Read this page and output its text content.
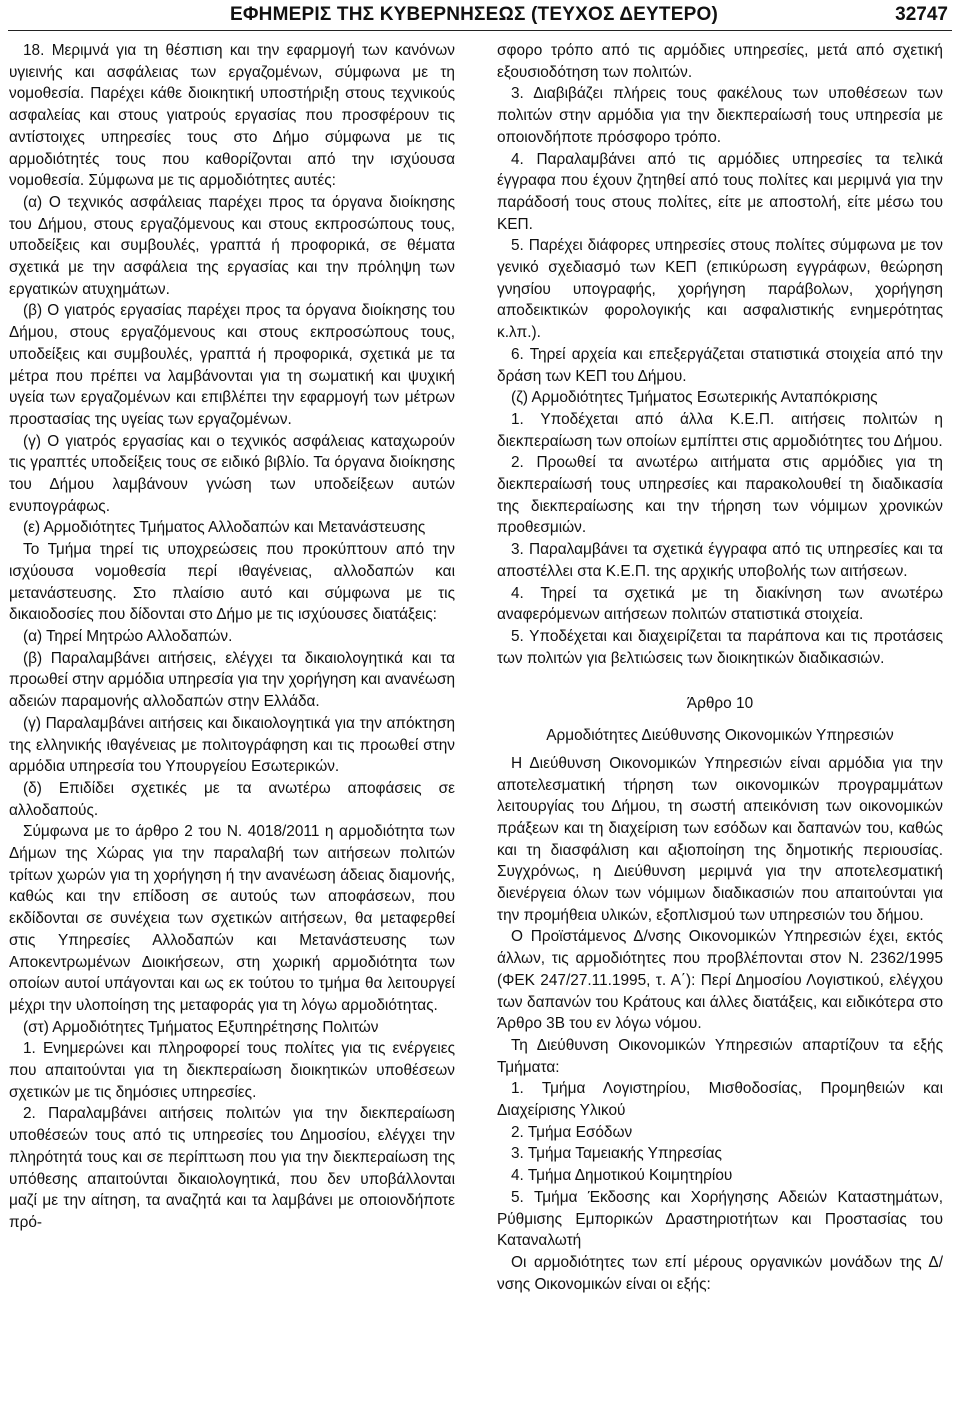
ΕΦΗΜΕΡΙΣ ΤΗΣ ΚΥΒΕΡΝΗΣΕΩΣ (ΤΕΥΧΟΣ ΔΕΥΤΕΡΟ)	32747

18. Μεριμνά για τη θέσπιση και την εφαρμογή των κανόνων υγιεινής και ασφάλειας των εργαζομένων, σύμφωνα με τη νομοθεσία. Παρέχει κάθε διοικητική υποστήριξη στους τεχνικούς ασφαλείας και στους γιατρούς εργασίας που προσφέρουν τις αντίστοιχες υπηρεσίες τους στο Δήμο σύμφωνα με τις αρμοδιότητές τους που καθορίζονται από την ισχύουσα νομοθεσία. Σύμφωνα με τις αρμοδιότητες αυτές:

(α) Ο τεχνικός ασφάλειας παρέχει προς τα όργανα διοίκησης του Δήμου, στους εργαζόμενους και στους εκπροσώπους τους, υποδείξεις και συμβουλές, γραπτά ή προφορικά, σε θέματα σχετικά με την ασφάλεια της εργασίας και την πρόληψη των εργατικών ατυχημάτων.

(β) Ο γιατρός εργασίας παρέχει προς τα όργανα διοίκησης του Δήμου, στους εργαζόμενους και στους εκπροσώπους τους, υποδείξεις και συμβουλές, γραπτά ή προφορικά, σχετικά με τα μέτρα που πρέπει να λαμβάνονται για τη σωματική και ψυχική υγεία των εργαζομένων και επιβλέπει την εφαρμογή των μέτρων προστασίας της υγείας των εργαζομένων.

(γ) Ο γιατρός εργασίας και ο τεχνικός ασφάλειας καταχωρούν τις γραπτές υποδείξεις τους σε ειδικό βιβλίο. Τα όργανα διοίκησης του Δήμου λαμβάνουν γνώση των υποδείξεων αυτών ενυπογράφως.

(ε) Αρμοδιότητες Τμήματος Αλλοδαπών και Μετανάστευσης

Το Τμήμα τηρεί τις υποχρεώσεις που προκύπτουν από την ισχύουσα νομοθεσία περί ιθαγένειας, αλλοδαπών και μετανάστευσης. Στο πλαίσιο αυτό και σύμφωνα με τις δικαιοδοσίες που δίδονται στο Δήμο με τις ισχύουσες διατάξεις:

(α) Τηρεί Μητρώο Αλλοδαπών.

(β) Παραλαμβάνει αιτήσεις, ελέγχει τα δικαιολογητικά και τα προωθεί στην αρμόδια υπηρεσία για την χορήγηση και ανανέωση αδειών παραμονής αλλοδαπών στην Ελλάδα.

(γ) Παραλαμβάνει αιτήσεις και δικαιολογητικά για την απόκτηση της ελληνικής ιθαγένειας με πολιτογράφηση και τις προωθεί στην αρμόδια υπηρεσία του Υπουργείου Εσωτερικών.

(δ) Επιδίδει σχετικές με τα ανωτέρω αποφάσεις σε αλλοδαπούς.

Σύμφωνα με το άρθρο 2 του Ν. 4018/2011 η αρμοδιότητα των Δήμων της Χώρας για την παραλαβή των αιτήσεων πολιτών τρίτων χωρών για τη χορήγηση ή την ανανέωση άδειας διαμονής, καθώς και την επίδοση σε αυτούς των αποφάσεων, που εκδίδονται σε συνέχεια των σχετικών αιτήσεων, θα μεταφερθεί στις Υπηρεσίες Αλλοδαπών και Μετανάστευσης των Αποκεντρωμένων Διοικήσεων, στη χωρική αρμοδιότητα των οποίων αυτοί υπάγονται και ως εκ τούτου το τμήμα θα λειτουργεί μέχρι την υλοποίηση της μεταφοράς για τη λόγω αρμοδιότητας.

(στ) Αρμοδιότητες Τμήματος Εξυπηρέτησης Πολιτών

1. Ενημερώνει και πληροφορεί τους πολίτες για τις ενέργειες που απαιτούνται για τη διεκπεραίωση διοικητικών υποθέσεων σχετικών με τις δημόσιες υπηρεσίες.

2. Παραλαμβάνει αιτήσεις πολιτών για την διεκπεραίωση υποθέσεών τους από τις υπηρεσίες του Δημοσίου, ελέγχει την πληρότητά τους και σε περίπτωση που για την διεκπεραίωση της υπόθεσης απαιτούνται δικαιολογητικά, που δεν υποβάλλονται μαζί με την αίτηση, τα αναζητά και τα λαμβάνει με οποιονδήποτε πρό-

σφορο τρόπο από τις αρμόδιες υπηρεσίες, μετά από σχετική εξουσιοδότηση των πολιτών.

3. Διαβιβάζει πλήρεις τους φακέλους των υποθέσεων των πολιτών στην αρμόδια για την διεκπεραίωσή τους υπηρεσία με οποιονδήποτε πρόσφορο τρόπο.

4. Παραλαμβάνει από τις αρμόδιες υπηρεσίες τα τελικά έγγραφα που έχουν ζητηθεί από τους πολίτες και μεριμνά για την παράδοσή τους στους πολίτες, είτε με αποστολή, είτε μέσω του ΚΕΠ.

5. Παρέχει διάφορες υπηρεσίες στους πολίτες σύμφωνα με τον γενικό σχεδιασμό των ΚΕΠ (επικύρωση εγγράφων, θεώρηση γνησίου υπογραφής, χορήγηση παράβολων, χορήγηση αποδεικτικών φορολογικής και ασφαλιστικής ενημερότητας κ.λπ.).

6. Τηρεί αρχεία και επεξεργάζεται στατιστικά στοιχεία από την δράση των ΚΕΠ του Δήμου.

(ζ) Αρμοδιότητες Τμήματος Εσωτερικής Ανταπόκρισης

1. Υποδέχεται από άλλα Κ.Ε.Π. αιτήσεις πολιτών η διεκπεραίωση των οποίων εμπίπτει στις αρμοδιότητες του Δήμου.

2. Προωθεί τα ανωτέρω αιτήματα στις αρμόδιες για τη διεκπεραίωσή τους υπηρεσίες και παρακολουθεί τη διαδικασία της διεκπεραίωσης και την τήρηση των νόμιμων χρονικών προθεσμιών.

3. Παραλαμβάνει τα σχετικά έγγραφα από τις υπηρεσίες και τα αποστέλλει στα Κ.Ε.Π. της αρχικής υποβολής των αιτήσεων.

4. Τηρεί τα σχετικά με τη διακίνηση των ανωτέρω αναφερόμενων αιτήσεων πολιτών στατιστικά στοιχεία.

5. Υποδέχεται και διαχειρίζεται τα παράπονα και τις προτάσεις των πολιτών για βελτιώσεις των διοικητικών διαδικασιών.

Άρθρο 10

Αρμοδιότητες Διεύθυνσης Οικονομικών Υπηρεσιών

Η Διεύθυνση Οικονομικών Υπηρεσιών είναι αρμόδια για την αποτελεσματική τήρηση των οικονομικών προγραμμάτων λειτουργίας του Δήμου, τη σωστή απεικόνιση των οικονομικών πράξεων και τη διαχείριση των εσόδων και δαπανών του, καθώς και τη διασφάλιση και αξιοποίηση της δημοτικής περιουσίας. Συγχρόνως, η Διεύθυνση μεριμνά για την αποτελεσματική διενέργεια όλων των νόμιμων διαδικασιών που απαιτούνται για την προμήθεια υλικών, εξοπλισμού των υπηρεσιών του δήμου.

Ο Προϊστάμενος Δ/νσης Οικονομικών Υπηρεσιών έχει, εκτός άλλων, τις αρμοδιότητες που προβλέπονται στον Ν. 2362/1995 (ΦΕΚ 247/27.11.1995, τ. Α΄): Περί Δημοσίου Λογιστικού, ελέγχου των δαπανών του Κράτους και άλλες διατάξεις, και ειδικότερα στο Άρθρο 3Β του εν λόγω νόμου.

Τη Διεύθυνση Οικονομικών Υπηρεσιών απαρτίζουν τα εξής Τμήματα:

1. Τμήμα Λογιστηρίου, Μισθοδοσίας, Προμηθειών και Διαχείρισης Υλικού

2. Τμήμα Εσόδων

3. Τμήμα Ταμειακής Υπηρεσίας

4. Τμήμα Δημοτικού Κοιμητηρίου

5. Τμήμα Έκδοσης και Χορήγησης Αδειών Καταστημάτων, Ρύθμισης Εμπορικών Δραστηριοτήτων και Προστασίας του Καταναλωτή

Οι αρμοδιότητες των επί μέρους οργανικών μονάδων της Δ/νσης Οικονομικών είναι οι εξής:
